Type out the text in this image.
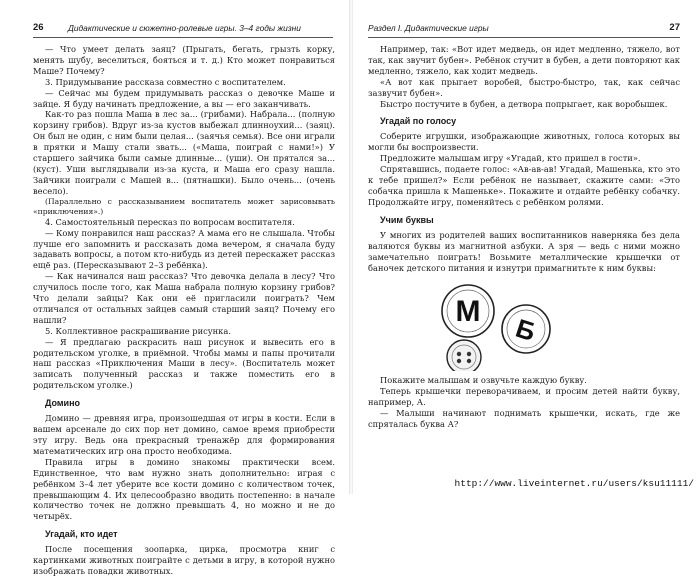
26	Дидактические и сюжетно-ролевые игры. 3–4 годы жизни

— Что умеет делать заяц? (Прыгать, бегать, грызть корку, менять шубу, веселиться, бояться и т. д.) Кто может понравиться Маше? Почему?

3. Придумывание рассказа совместно с воспитателем.

— Сейчас мы будем придумывать рассказ о девочке Маше и зайце. Я буду начинать предложение, а вы — его заканчивать.

Как-то раз пошла Маша в лес за... (грибами). Набрала... (полную корзину грибов). Вдруг из-за кустов выбежал длинноухий... (заяц). Он был не один, с ним были целая... (заячья семья). Все они играли в прятки и Машу стали звать... («Маша, поиграй с нами!») У старшего зайчика были самые длинные... (уши). Он прятался за... (куст). Уши выглядывали из-за куста, и Маша его сразу нашла. Зайчики поиграли с Машей в... (пятнашки). Было очень... (очень весело).

(Параллельно с рассказыванием воспитатель может зарисовывать «приключения».)

4. Самостоятельный пересказ по вопросам воспитателя.

— Кому понравился наш рассказ? А мама его не слышала. Чтобы лучше его запомнить и рассказать дома вечером, я сначала буду задавать вопросы, а потом кто-нибудь из детей перескажет рассказ ещё раз. (Пересказывают 2–3 ребёнка).

— Как начинался наш рассказ? Что девочка делала в лесу? Что случилось после того, как Маша набрала полную корзину грибов? Что делали зайцы? Как они её пригласили поиграть? Чем отличался от остальных зайцев самый старший заяц? Почему его нашли?

5. Коллективное раскрашивание рисунка.

— Я предлагаю раскрасить наш рисунок и вывесить его в родительском уголке, в приёмной. Чтобы мамы и папы прочитали наш рассказ «Приключения Маши в лесу». (Воспитатель может записать полученный рассказ и также поместить его в родительском уголке.)

Домино

Домино — древняя игра, произошедшая от игры в кости. Если в вашем арсенале до сих пор нет домино, самое время приобрести эту игру. Ведь она прекрасный тренажёр для формирования математических игр она просто необходима.

Правила игры в домино знакомы практически всем. Единственное, что вам нужно знать дополнительно: играя с ребёнком 3–4 лет уберите все кости домино с количеством точек, превышающим 4. Их целесообразно вводить постепенно: в начале количество точек не должно превышать 4, но можно и не до четырёх.

Угадай, кто идет

После посещения зоопарка, цирка, просмотра книг с картинками животных поиграйте с детьми в игру, в которой нужно изображать повадки животных.

Раздел I. Дидактические игры	27

Например, так: «Вот идет медведь, он идет медленно, тяжело, вот так, как звучит бубен». Ребёнок стучит в бубен, а дети повторяют как медленно, тяжело, как ходит медведь.

«А вот как прыгает воробей, быстро-быстро, так, как сейчас зазвучит бубен».

Быстро постучите в бубен, а детвора попрыгает, как воробышек.

Угадай по голосу

Соберите игрушки, изображающие животных, голоса которых вы могли бы воспроизвести.

Предложите малышам игру «Угадай, кто пришел в гости».

Спрятавшись, подаете голос: «Ав-ав-ав! Угадай, Машенька, кто это к тебе пришел?» Если ребёнок не называет, скажите сами: «Это собачка пришла к Машеньке». Покажите и отдайте ребёнку собачку. Продолжайте игру, поменяйтесь с ребёнком ролями.

Учим буквы

У многих из родителей ваших воспитанников наверняка без дела валяются буквы из магнитной азбуки. А зря — ведь с ними можно замечательно поиграть! Возьмите металлические крышечки от баночек детского питания и изнутри примагнитьте к ним буквы:

М
Б

Покажите малышам и озвучьте каждую букву.

Теперь крышечки переворачиваем, и просим детей найти букву, например, А.

— Малыши начинают поднимать крышечки, искать, где же спряталась буква А?

http://www.liveinternet.ru/users/ksu11111/
